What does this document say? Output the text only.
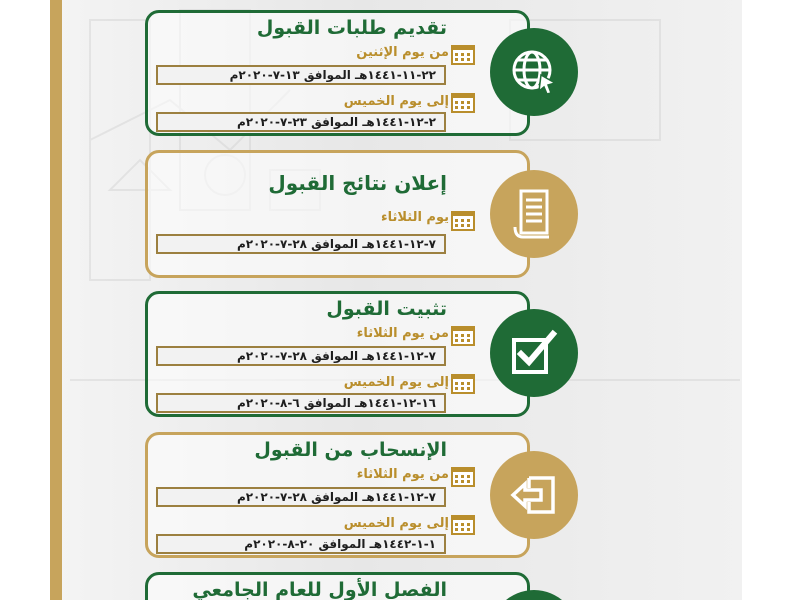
تقديم طلبات القبول
من يوم الإثنين
٢٢-١١-١٤٤١هـ الموافق ١٣-٧-٢٠٢٠م
إلى يوم الخميس
٢-١٢-١٤٤١هـ الموافق ٢٣-٧-٢٠٢٠م
إعلان نتائج القبول
يوم الثلاثاء
٧-١٢-١٤٤١هـ الموافق ٢٨-٧-٢٠٢٠م
تثبيت القبول
من يوم الثلاثاء
٧-١٢-١٤٤١هـ الموافق ٢٨-٧-٢٠٢٠م
إلى يوم الخميس
١٦-١٢-١٤٤١هـ الموافق ٦-٨-٢٠٢٠م
الإنسحاب من القبول
من يوم الثلاثاء
٧-١٢-١٤٤١هـ الموافق ٢٨-٧-٢٠٢٠م
إلى يوم الخميس
١-١-١٤٤٢هـ الموافق ٢٠-٨-٢٠٢٠م
الفصل الأول للعام الجامعي
